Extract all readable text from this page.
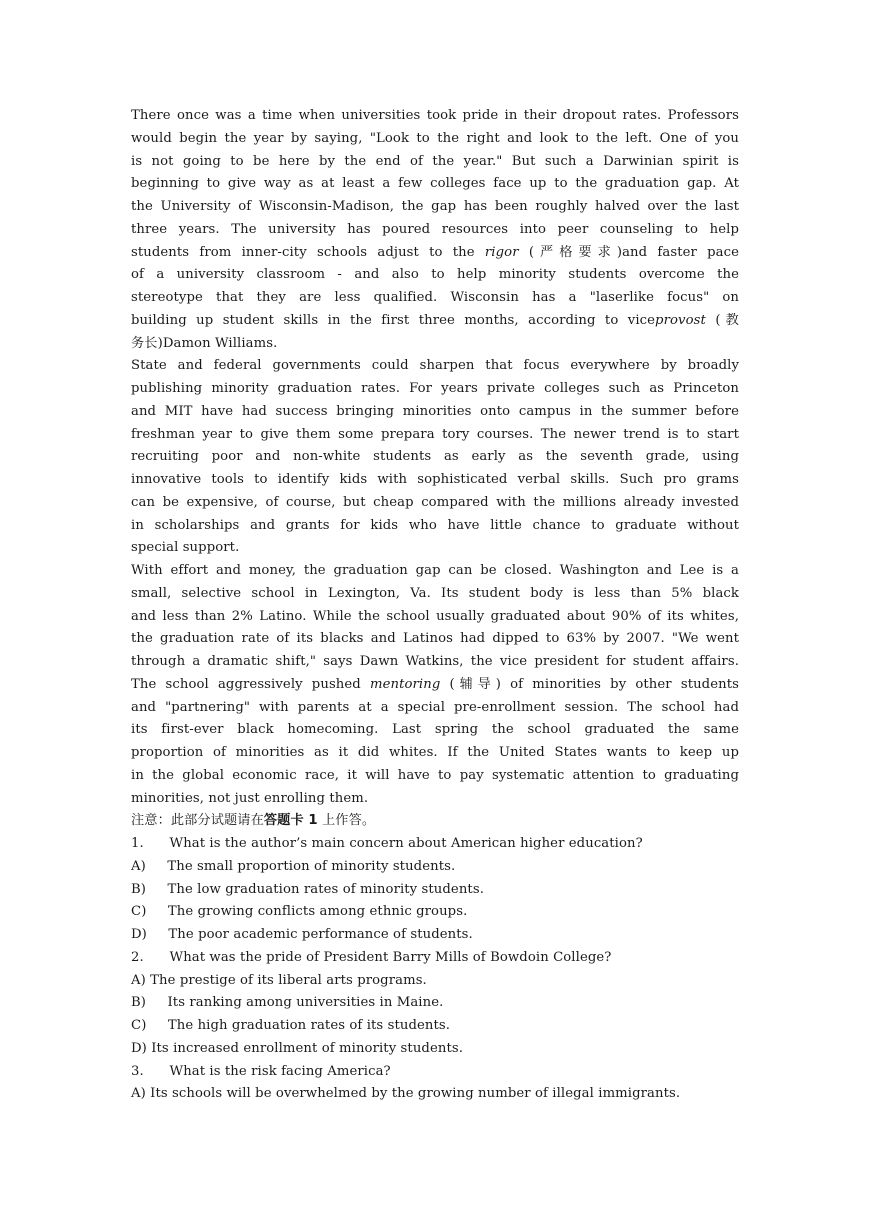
There once was a time when universities took pride in their dropout rates. Professors
would begin the year by saying, "Look to the right and look to the left. One of you
is not going to be here by the end of the year." But such a Darwinian spirit is
beginning to give way as at least a few colleges face up to the graduation gap. At
the University of Wisconsin-Madison, the gap has been roughly halved over the last
three years. The university has poured resources into peer counseling to help
students from inner-city schools adjust to the rigor (严格要求)and faster pace
of a university classroom - and also to help minority students overcome the
stereotype that they are less qualified. Wisconsin has a "laserlike focus" on
building up student skills in the first three months, according to viceprovost (教
务长)Damon Williams.
State and federal governments could sharpen that focus everywhere by broadly
publishing minority graduation rates. For years private colleges such as Princeton
and MIT have had success bringing minorities onto campus in the summer before
freshman year to give them some prepara tory courses. The newer trend is to start
recruiting poor and non-white students as early as the seventh grade, using
innovative tools to identify kids with sophisticated verbal skills. Such pro grams
can be expensive, of course, but cheap compared with the millions already invested
in scholarships and grants for kids who have little chance to graduate without
special support.
With effort and money, the graduation gap can be closed. Washington and Lee is a
small, selective school in Lexington, Va. Its student body is less than 5% black
and less than 2% Latino. While the school usually graduated about 90% of its whites,
the graduation rate of its blacks and Latinos had dipped to 63% by 2007. "We went
through a dramatic shift," says Dawn Watkins, the vice president for student affairs.
The school aggressively pushed mentoring (辅导) of minorities by other students
and "partnering" with parents at a special pre-enrollment session. The school had
its first-ever black homecoming. Last spring the school graduated the same
proportion of minorities as it did whites. If the United States wants to keep up
in the global economic race, it will have to pay systematic attention to graduating
minorities, not just enrolling them.
注意：此部分试题请在答题卡 1 上作答。
1.      What is the author’s main concern about American higher education?
A)     The small proportion of minority students.
B)     The low graduation rates of minority students.
C)     The growing conflicts among ethnic groups.
D)     The poor academic performance of students.
2.      What was the pride of President Barry Mills of Bowdoin College?
A) The prestige of its liberal arts programs.
B)     Its ranking among universities in Maine.
C)     The high graduation rates of its students.
D) Its increased enrollment of minority students.
3.      What is the risk facing America?
A) Its schools will be overwhelmed by the growing number of illegal immigrants.
